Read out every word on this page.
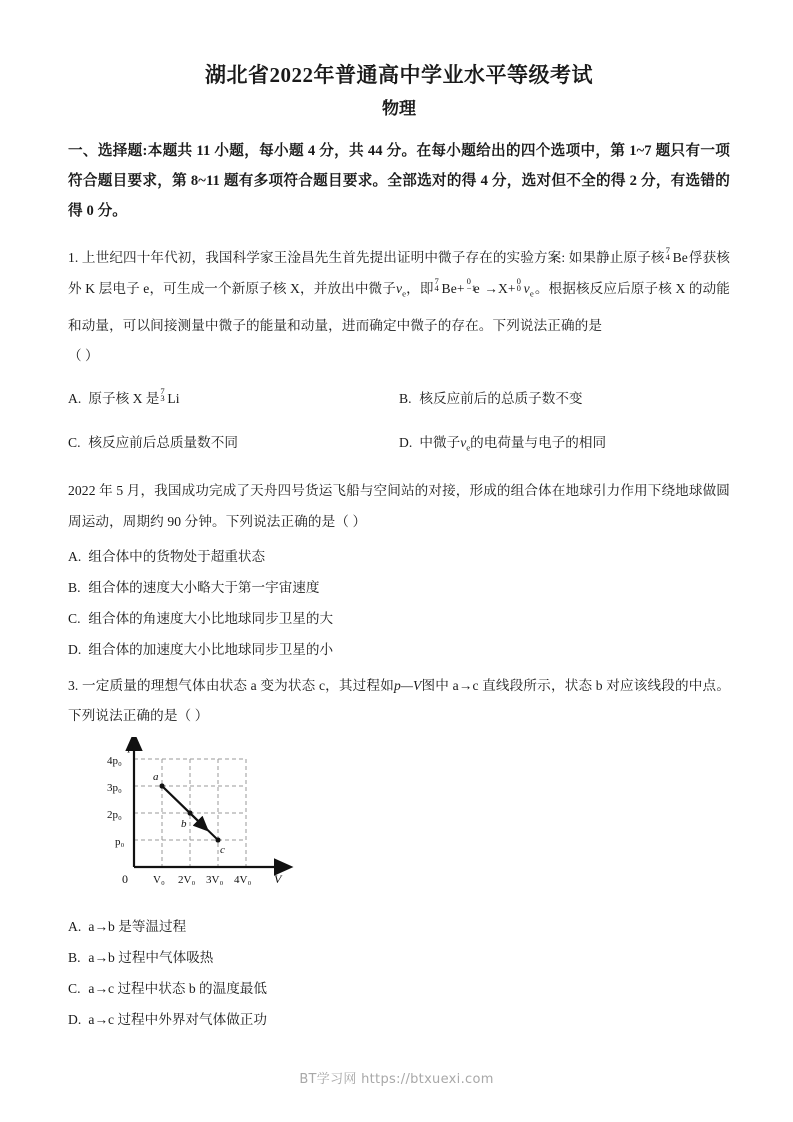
湖北省2022年普通高中学业水平等级考试
物理

一、选择题:本题共 11 小题，每小题 4 分，共 44 分。在每小题给出的四个选项中，第 1~7 题只有一项符合题目要求，第 8~11 题有多项符合题目要求。全部选对的得 4 分，选对但不全的得 2 分，有选错的得 0 分。

1. 上世纪四十年代初，我国科学家王淦昌先生首先提出证明中微子存在的实验方案: 如果静止原子核
7
4 Be俘获核外 K 层电子 e，可生成一个新原子核 X，并放出中微子$\nu_e$，即
7
4 Be+
0
−1
e →X+
0
0 $\nu_e$。根据核反应后原子核 X 的动能和动量，可以间接测量中微子的能量和动量，进而确定中微子的存在。下列说法正确的是

（ ）

A. 原子核 X 是
7
3 Li	B. 核反应前后的总质子数不变
C. 核反应前后总质量数不同	D. 中微子$\nu_e$的电荷量与电子的相同

2022 年 5 月，我国成功完成了天舟四号货运飞船与空间站的对接，形成的组合体在地球引力作用下绕地球做圆周运动，周期约 90 分钟。下列说法正确的是（ ）

A. 组合体中的货物处于超重状态
B. 组合体的速度大小略大于第一宇宙速度
C. 组合体的角速度大小比地球同步卫星的大
D. 组合体的加速度大小比地球同步卫星的小

3. 一定质量的理想气体由状态 a 变为状态 c，其过程如p—V图中 a→c 直线段所示，状态 b 对应该线段的中点。下列说法正确的是（ ）

a
b
c
p
V
0
4p₀
3p₀
2p₀
p₀
V₀ 2V₀ 3V₀ 4V₀
A. a→b 是等温过程
B. a→b 过程中气体吸热
C. a→c 过程中状态 b 的温度最低
D. a→c 过程中外界对气体做正功
BT学习网 https://btxuexi.com
